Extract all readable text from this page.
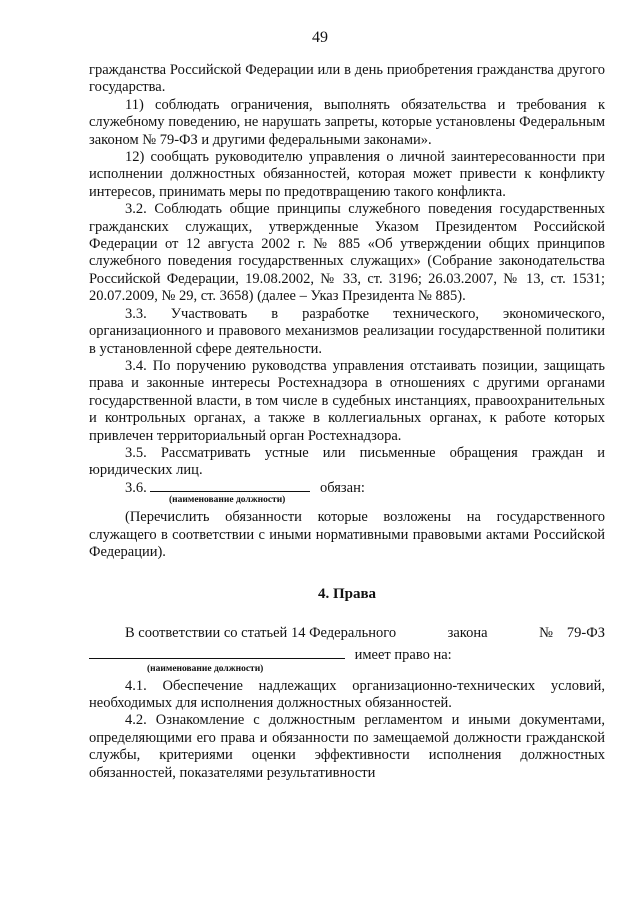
49

гражданства Российской Федерации или в день приобретения гражданства другого государства.

11) соблюдать ограничения, выполнять обязательства и требования к служебному поведению, не нарушать запреты, которые установлены Федеральным законом № 79-ФЗ и другими федеральными законами».

12) сообщать руководителю управления о личной заинтересованности при исполнении должностных обязанностей, которая может привести к конфликту интересов, принимать меры по предотвращению такого конфликта.

3.2. Соблюдать общие принципы служебного поведения государственных гражданских служащих, утвержденные Указом Президентом Российской Федерации от 12 августа 2002 г. № 885 «Об утверждении общих принципов служебного поведения государственных служащих» (Собрание законодательства Российской Федерации, 19.08.2002, № 33, ст. 3196; 26.03.2007, № 13, ст. 1531; 20.07.2009, № 29, ст. 3658) (далее – Указ Президента № 885).

3.3. Участвовать в разработке технического, экономического, организационного и правового механизмов реализации государственной политики в установленной сфере деятельности.

3.4. По поручению руководства управления отстаивать позиции, защищать права и законные интересы Ростехнадзора в отношениях с другими органами государственной власти, в том числе в судебных инстанциях, правоохранительных и контрольных органах, а также в коллегиальных органах, к работе которых привлечен территориальный орган Ростехнадзора.

3.5. Рассматривать устные или письменные обращения граждан и юридических лиц.

3.6.	обязан:
(наименование должности)

(Перечислить обязанности которые возложены на государственного служащего в соответствии с иными нормативными правовыми актами Российской Федерации).

4. Права
В соответствии со статьей 14 Федерального	закона	№ 79-ФЗ
имеет право на:
(наименование должности)

4.1. Обеспечение надлежащих организационно-технических условий, необходимых для исполнения должностных обязанностей.

4.2. Ознакомление с должностным регламентом и иными документами, определяющими его права и обязанности по замещаемой должности гражданской службы, критериями оценки эффективности исполнения должностных обязанностей, показателями результативности
